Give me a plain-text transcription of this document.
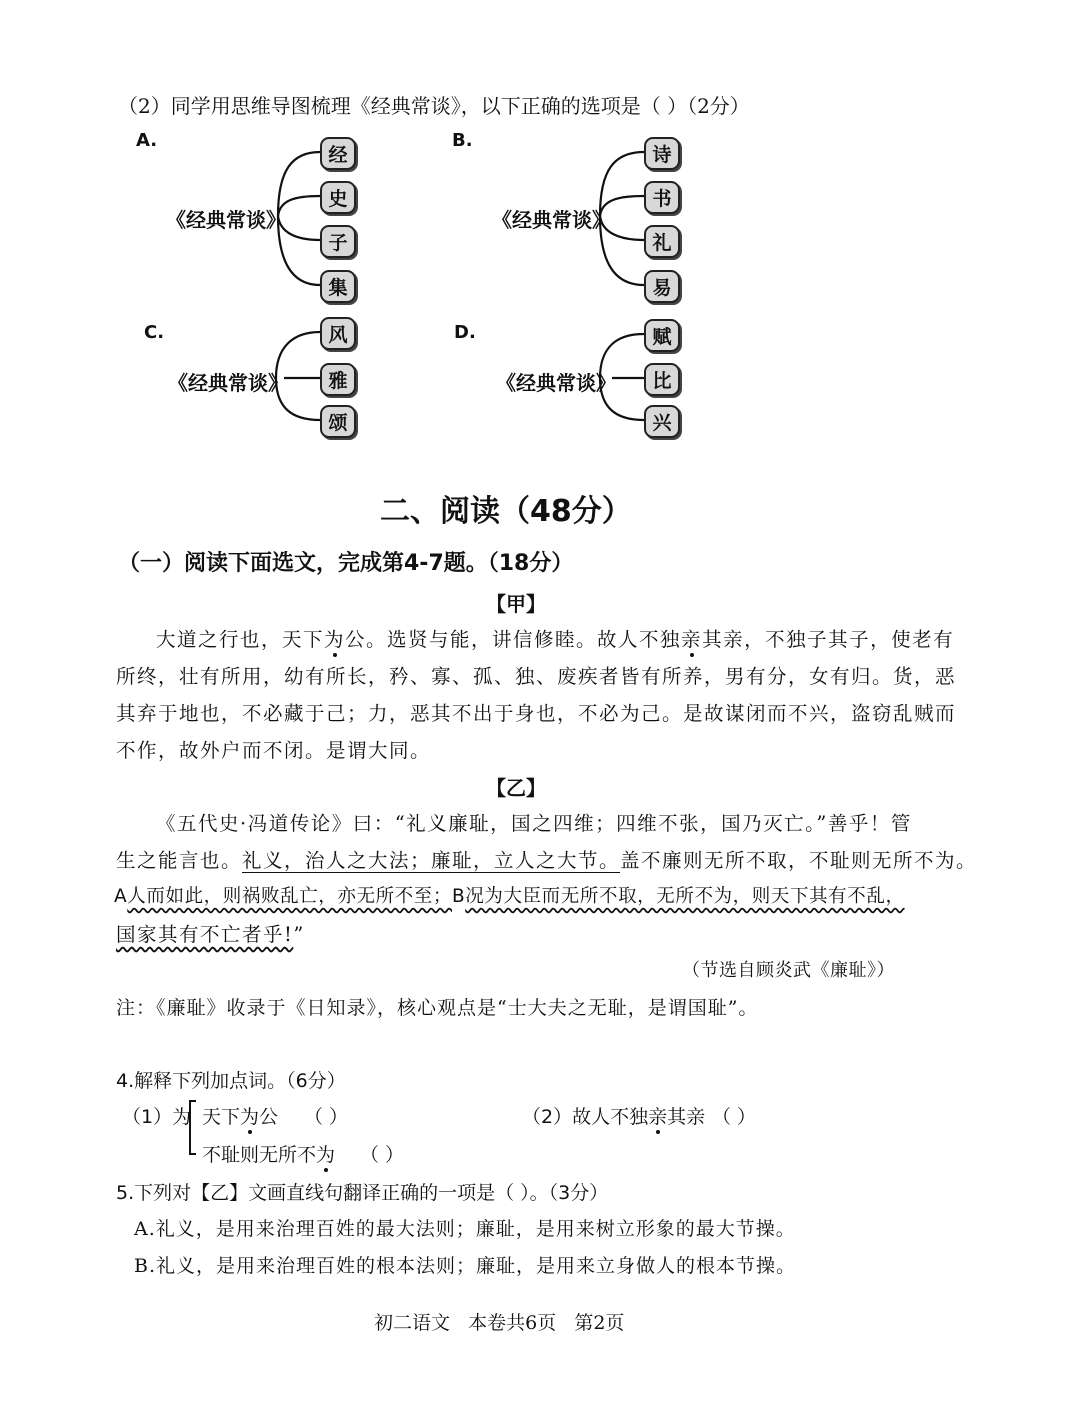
（2）同学用思维导图梳理《经典常谈》，以下正确的选项是（ ）（2分）
A.
《经典常谈》
经
史
子
集
B.
《经典常谈》
诗
书
礼
易
C.
《经典常谈》
风
雅
颂
D.
《经典常谈》
赋
比
兴
二、阅读（48分）
（一）阅读下面选文，完成第4-7题。（18分）
【甲】
大道之行也，天下为公。选贤与能，讲信修睦。故人不独亲其亲，不独子其子，使老有
所终，壮有所用，幼有所长，矜、寡、孤、独、废疾者皆有所养，男有分，女有归。货，恶
其弃于地也，不必藏于己；力，恶其不出于身也，不必为己。是故谋闭而不兴，盗窃乱贼而
不作，故外户而不闭。是谓大同。
【乙】
《五代史·冯道传论》曰：“礼义廉耻，国之四维；四维不张，国乃灭亡。”善乎！管
生之能言也。礼义，治人之大法；廉耻，立人之大节。盖不廉则无所不取，不耻则无所不为。
A人而如此，则祸败乱亡，亦无所不至；B况为大臣而无所不取，无所不为，则天下其有不乱，
国家其有不亡者乎!”
（节选自顾炎武《廉耻》）
注：《廉耻》收录于《日知录》，核心观点是“士大夫之无耻，是谓国耻”。
4.解释下列加点词。（6分）
（1）为 天下为公 （ ）
不耻则无所不为 （ ）
（2）故人不独亲其亲 （ ）
5.下列对【乙】文画直线句翻译正确的一项是（ ）。（3分）
A.礼义，是用来治理百姓的最大法则；廉耻，是用来树立形象的最大节操。
B.礼义，是用来治理百姓的根本法则；廉耻，是用来立身做人的根本节操。
初二语文   本卷共6页   第2页
